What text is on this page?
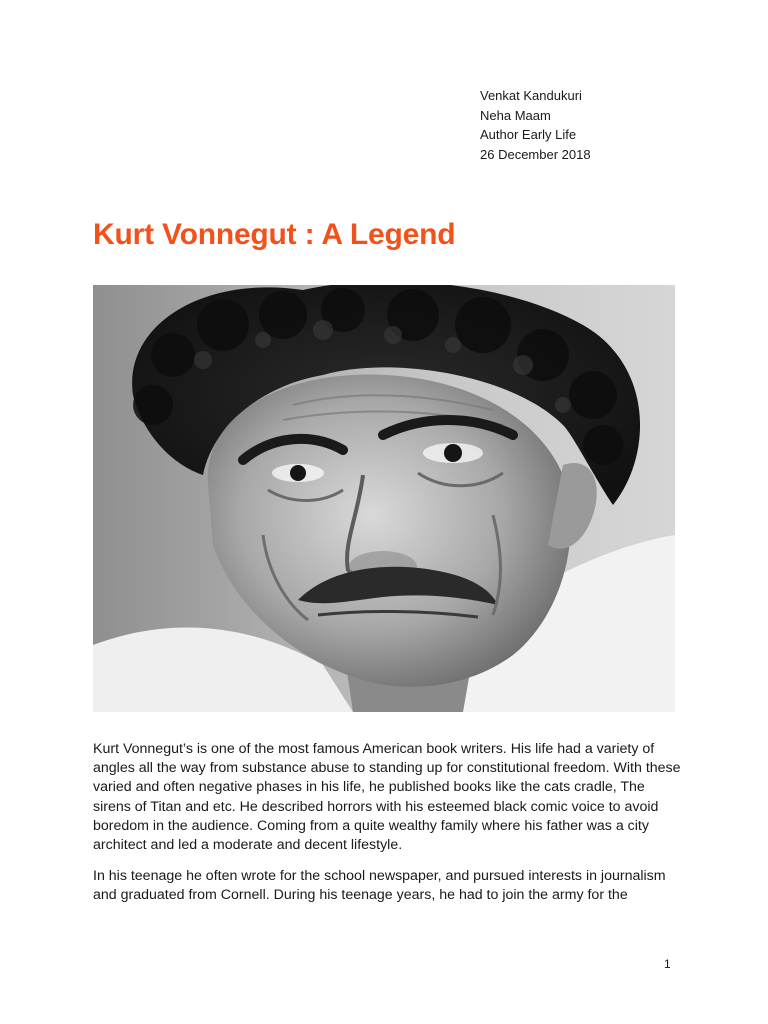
Venkat Kandukuri
Neha Maam
Author Early Life
26 December 2018
Kurt Vonnegut : A Legend

Kurt Vonnegut’s is one of the most famous American book writers. His life had a variety of angles all the way from substance abuse to standing up for constitutional freedom. With these varied and often negative phases in his life, he published books like the cats cradle, The sirens of Titan and etc. He described horrors with his esteemed black comic voice to avoid boredom in the audience. Coming from a quite wealthy family where his father was a city architect and led a moderate and decent lifestyle.

In his teenage he often wrote for the school newspaper, and pursued interests in journalism and graduated from Cornell. During his teenage years, he had to join the army for the

1
